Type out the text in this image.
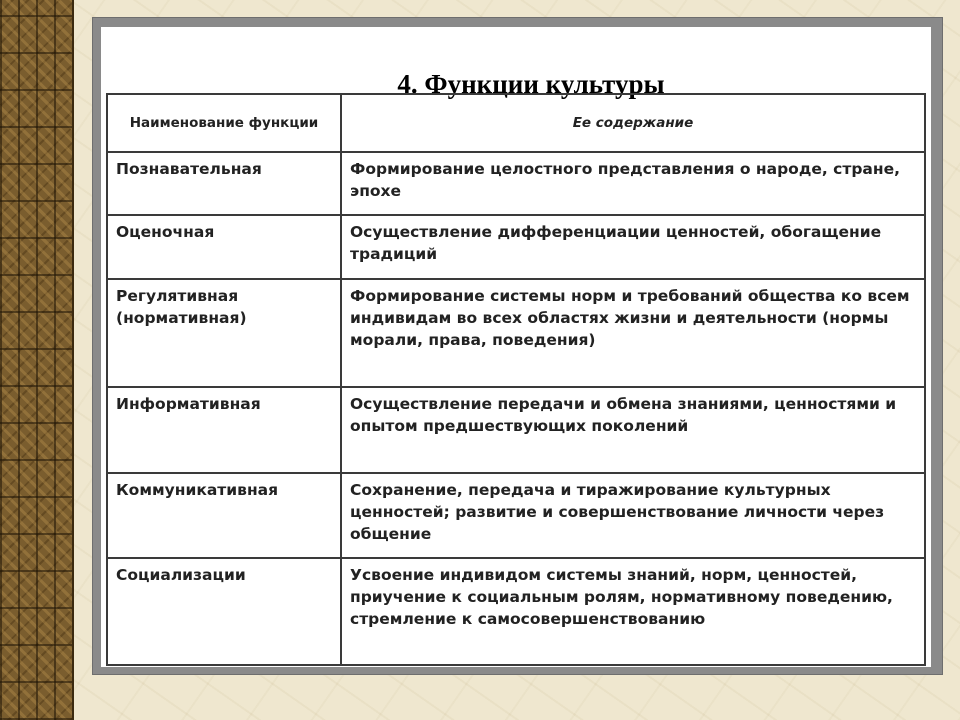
4. Функции культуры
Наименование функции	Ее содержание
Познавательная	Формирование целостного представления о народе, стране, эпохе
Оценочная	Осуществление дифференциации ценностей, обогащение традиций
Регулятивная (нормативная)	Формирование системы норм и требований общества ко всем индивидам во всех областях жизни и деятельности (нормы морали, права, поведения)
Информативная	Осуществление передачи и обмена знаниями, ценностями и опытом предшествующих поколений
Коммуникативная	Сохранение, передача и тиражирование культурных ценностей; развитие и совершенствование личности через общение
Социализации	Усвоение индивидом системы знаний, норм, ценностей, приучение к социальным ролям, нормативному поведению, стремление к самосовершенствованию
